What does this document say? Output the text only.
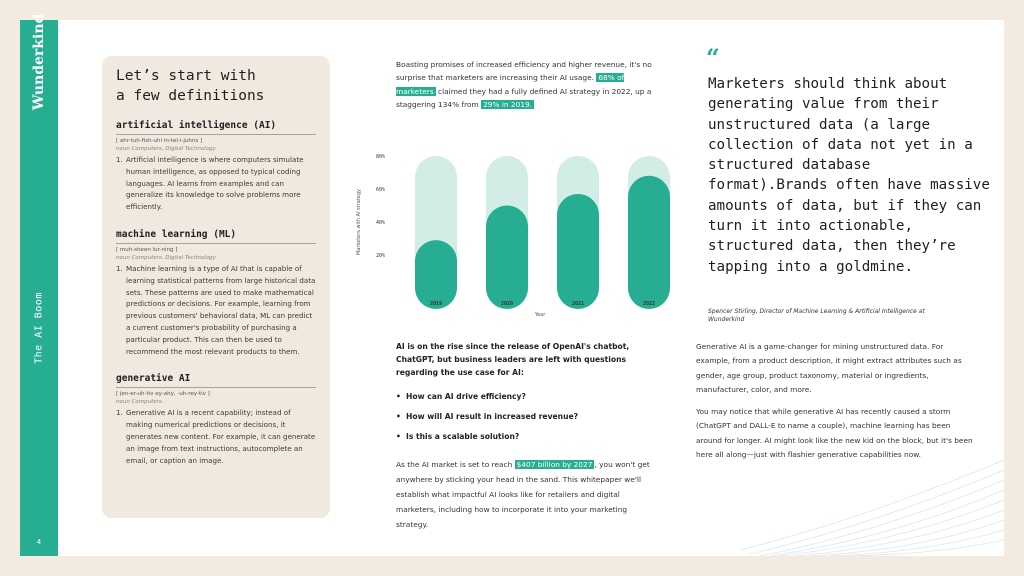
Wunderkind
The AI Boom
4
Let’s start with
a few definitions
artificial intelligence (AI)
[ ahr-tuh-fish-uhl in-tel-i-juhns ]
noun Computers, Digital Technology.
1. Artificial intelligence is where computers simulate human intelligence, as opposed to typical coding languages. AI learns from examples and can generalize its knowledge to solve problems more efficiently.
machine learning (ML)
[ muh-sheen lur-ning ]
noun Computers, Digital Technology.
1. Machine learning is a type of AI that is capable of learning statistical patterns from large historical data sets. These patterns are used to make mathematical predictions or decisions. For example, learning from previous customers' behavioral data, ML can predict a current customer's probability of purchasing a particular product. This can then be used to recommend the most relevant products to them.
generative AI
[ jen-er-uh-tiv ey-ahy, -uh-rey-tiv ]
noun Computers.
1. Generative AI is a recent capability; instead of making numerical predictions or decisions, it generates new content. For example, it can generate an image from text instructions, autocomplete an email, or caption an image.
Boasting promises of increased efficiency and higher revenue, it's no surprise that marketers are increasing their AI usage. 68% of marketers claimed they had a fully defined AI strategy in 2022, up a staggering 134% from 29% in 2019.
20%
40%
60%
80%
Marketers with AI strategy
2019	2020	2021	2022
Year
AI is on the rise since the release of OpenAI's chatbot, ChatGPT, but business leaders are left with questions regarding the use case for AI:
• How can AI drive efficiency?
• How will AI result in increased revenue?
• Is this a scalable solution?
As the AI market is set to reach $407 billion by 2027 , you won't get anywhere by sticking your head in the sand. This whitepaper we'll establish what impactful AI looks like for retailers and digital marketers, including how to incorporate it into your marketing strategy.
“
Marketers should think about generating value from their unstructured data (a large collection of data not yet in a structured database format).Brands often have massive amounts of data, but if they can turn it into actionable, structured data, then they’re tapping into a goldmine.
Spencer Stirling, Director of Machine Learning & Artificial Intelligence at Wunderkind

Generative AI is a game-changer for mining unstructured data. For example, from a product description, it might extract attributes such as gender, age group, product taxonomy, material or ingredients, manufacturer, color, and more.

You may notice that while generative AI has recently caused a storm (ChatGPT and DALL-E to name a couple), machine learning has been around for longer. AI might look like the new kid on the block, but it's been here all along—just with flashier generative capabilities now.
